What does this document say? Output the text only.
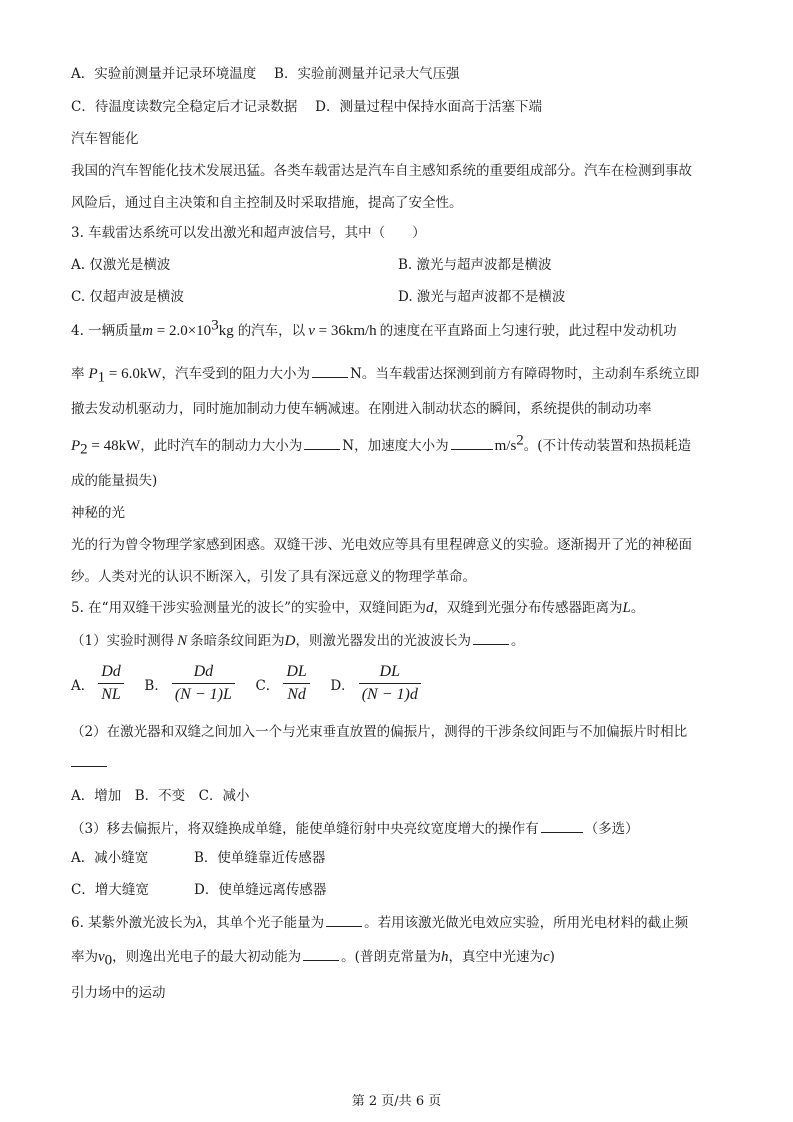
A．实验前测量并记录环境温度　 B．实验前测量并记录大气压强
C．待温度读数完全稳定后才记录数据　 D．测量过程中保持水面高于活塞下端
汽车智能化
我国的汽车智能化技术发展迅猛。各类车载雷达是汽车自主感知系统的重要组成部分。汽车在检测到事故
风险后，通过自主决策和自主控制及时采取措施，提高了安全性。
3. 车载雷达系统可以发出激光和超声波信号，其中（　　）
A. 仅激光是横波	B. 激光与超声波都是横波
C. 仅超声波是横波	D. 激光与超声波都不是横波
4. 一辆质量$m = 2.0\times 10^3kg$ 的汽车，以 v = 36km/h 的速度在平直路面上匀速行驶，此过程中发动机功
率 $P_1 = 6.0kW$，汽车受到的阻力大小为	N。当车载雷达探测到前方有障碍物时，主动刹车系统立即
撤去发动机驱动力，同时施加制动力使车辆减速。在刚进入制动状态的瞬间，系统提供的制动功率
$P_2 = 48kW$，此时汽车的制动力大小为	N，加速度大小为	$m/s^2$。(不计传动装置和热损耗造
成的能量损失)
神秘的光
光的行为曾令物理学家感到困惑。双缝干涉、光电效应等具有里程碑意义的实验。逐渐揭开了光的神秘面
纱。人类对光的认识不断深入，引发了具有深远意义的物理学革命。
5. 在“用双缝干涉实验测量光的波长”的实验中，双缝间距为d，双缝到光强分布传感器距离为L。
（1）实验时测得 N 条暗条纹间距为D，则激光器发出的光波波长为	。
A． $\frac{Dd}{NL}$ B． $\frac{Dd}{(N - 1)L}$ C． $\frac{DL}{Nd}$ D． $\frac{DL}{(N - 1)d}$
（2）在激光器和双缝之间加入一个与光束垂直放置的偏振片，测得的干涉条纹间距与不加偏振片时相比
A．增加　B．不变　C．减小
（3）移去偏振片，将双缝换成单缝，能使单缝衍射中央亮纹宽度增大的操作有	（多选）
A．减小缝宽	B．使单缝靠近传感器
C．增大缝宽	D．使单缝远离传感器
6. 某紫外激光波长为λ，其单个光子能量为	。若用该激光做光电效应实验，所用光电材料的截止频
率为$\nu_0$，则逸出光电子的最大初动能为	。(普朗克常量为h，真空中光速为c)
引力场中的运动
第 2 页/共 6 页
